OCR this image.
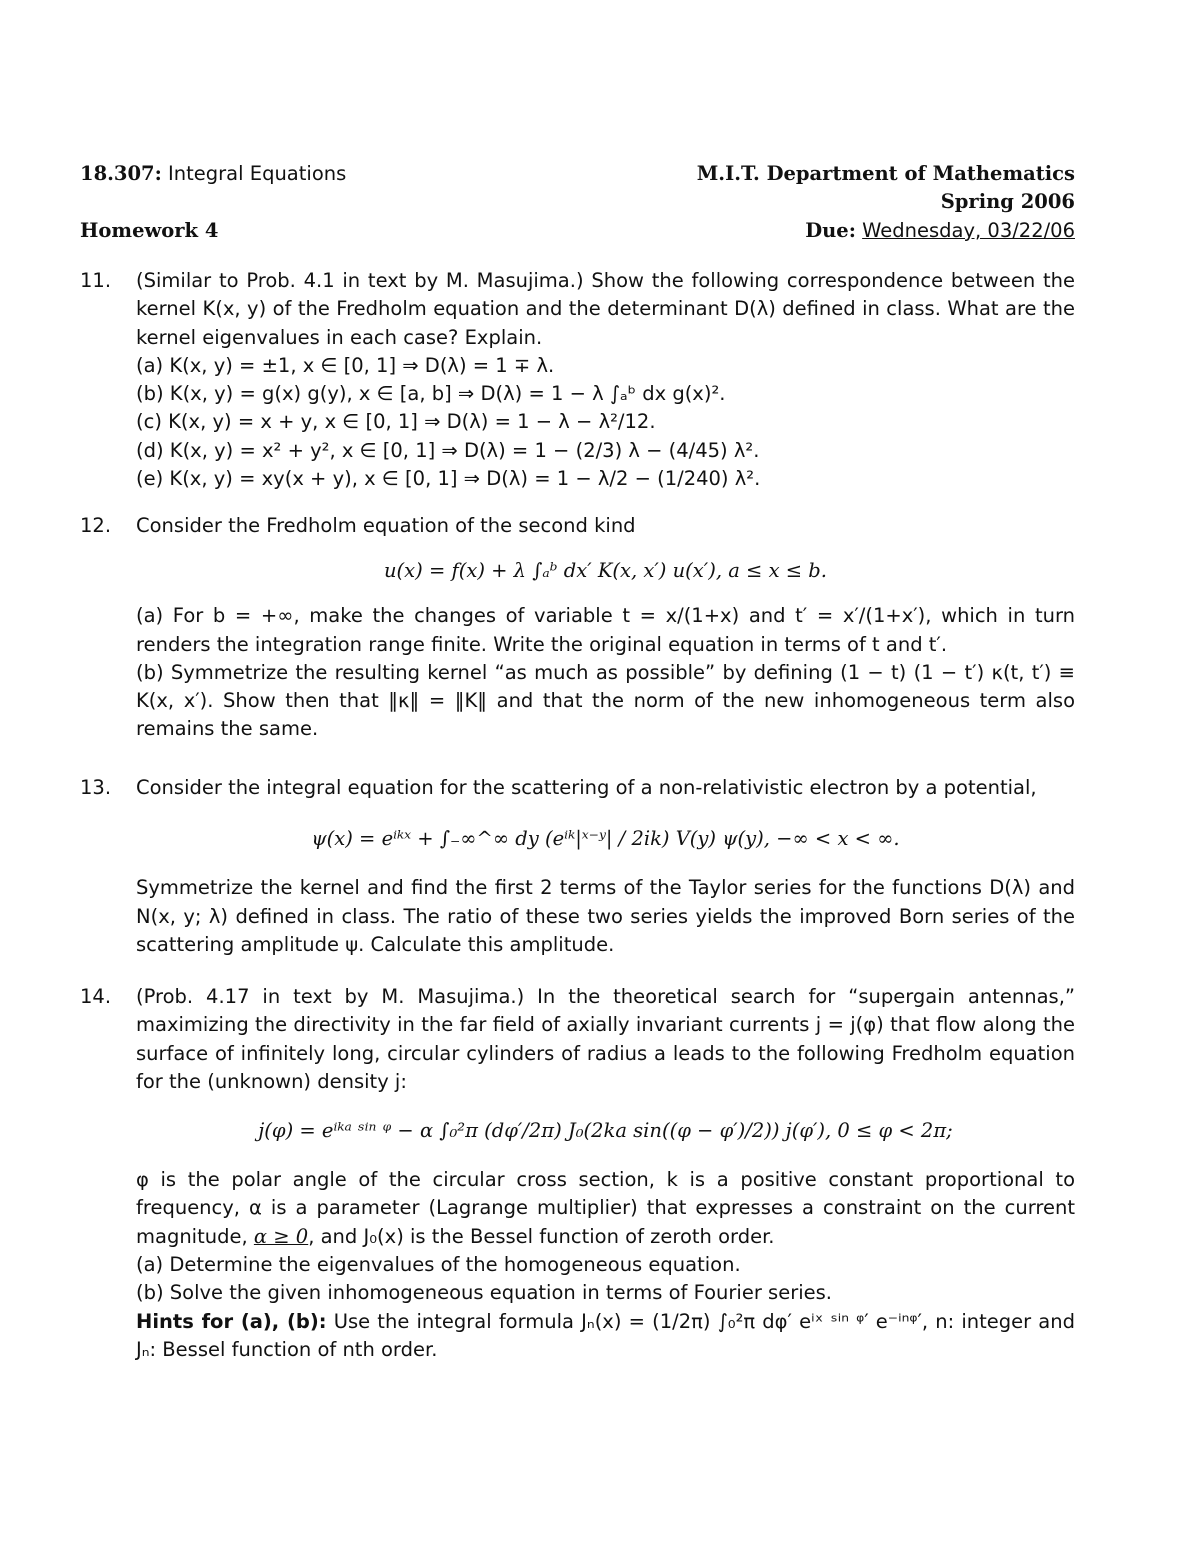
18.307: Integral Equations	M.I.T. Department of Mathematics
Spring 2006
Homework 4	Due: Wednesday, 03/22/06
11.	(Similar to Prob. 4.1 in text by M. Masujima.) Show the following correspondence between the kernel K(x, y) of the Fredholm equation and the determinant D(λ) defined in class. What are the kernel eigenvalues in each case? Explain.
(a) K(x, y) = ±1, x ∈ [0, 1] ⇒ D(λ) = 1 ∓ λ.
(b) K(x, y) = g(x) g(y), x ∈ [a, b] ⇒ D(λ) = 1 − λ ∫ₐᵇ dx g(x)².
(c) K(x, y) = x + y, x ∈ [0, 1] ⇒ D(λ) = 1 − λ − λ²/12.
(d) K(x, y) = x² + y², x ∈ [0, 1] ⇒ D(λ) = 1 − (2/3) λ − (4/45) λ².
(e) K(x, y) = xy(x + y), x ∈ [0, 1] ⇒ D(λ) = 1 − λ/2 − (1/240) λ².
12.	Consider the Fredholm equation of the second kind
u(x) = f(x) + λ ∫ₐᵇ dx′ K(x, x′) u(x′), a ≤ x ≤ b.
(a) For b = +∞, make the changes of variable t = x/(1+x) and t′ = x′/(1+x′), which in turn renders the integration range finite. Write the original equation in terms of t and t′.
(b) Symmetrize the resulting kernel “as much as possible” by defining (1 − t) (1 − t′) κ(t, t′) ≡ K(x, x′). Show then that ‖κ‖ = ‖K‖ and that the norm of the new inhomogeneous term also remains the same.
13.	Consider the integral equation for the scattering of a non-relativistic electron by a potential,
ψ(x) = eⁱᵏˣ + ∫₋∞^∞ dy (eⁱᵏ|ˣ⁻ʸ| / 2ik) V(y) ψ(y), −∞ < x < ∞.
Symmetrize the kernel and find the first 2 terms of the Taylor series for the functions D(λ) and N(x, y; λ) defined in class. The ratio of these two series yields the improved Born series of the scattering amplitude ψ. Calculate this amplitude.
14.	(Prob. 4.17 in text by M. Masujima.) In the theoretical search for “supergain antennas,” maximizing the directivity in the far field of axially invariant currents j = j(φ) that flow along the surface of infinitely long, circular cylinders of radius a leads to the following Fredholm equation for the (unknown) density j:
j(φ) = eⁱᵏᵃ ˢⁱⁿ ᵠ − α ∫₀²π (dφ′/2π) J₀(2ka sin((φ − φ′)/2)) j(φ′), 0 ≤ φ < 2π;
φ is the polar angle of the circular cross section, k is a positive constant proportional to frequency, α is a parameter (Lagrange multiplier) that expresses a constraint on the current magnitude, α ≥ 0, and J₀(x) is the Bessel function of zeroth order.
(a) Determine the eigenvalues of the homogeneous equation.
(b) Solve the given inhomogeneous equation in terms of Fourier series.
Hints for (a), (b): Use the integral formula Jₙ(x) = (1/2π) ∫₀²π dφ′ eⁱˣ ˢⁱⁿ ᵠ′ e⁻ⁱⁿᵠ′, n: integer and Jₙ: Bessel function of nth order.
